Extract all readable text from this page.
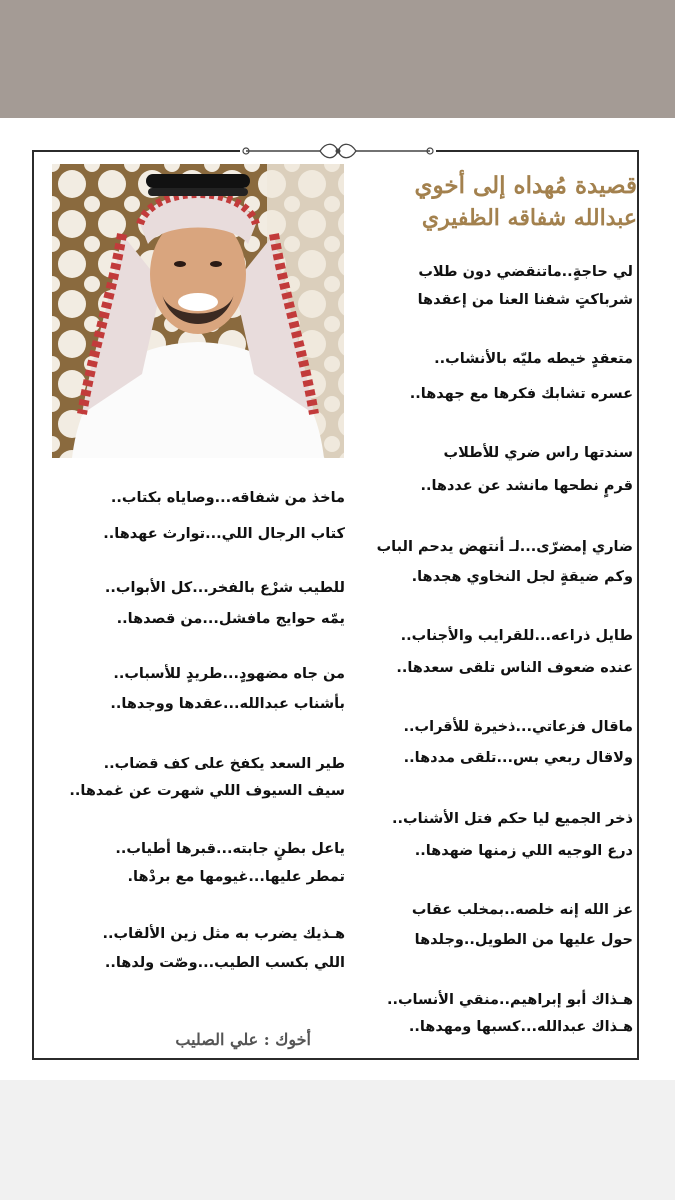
قصيدة مُهداه إلى أخوي
عبدالله شفاقه الظفيري
لي حاجةٍ..ماتنقضي دون طلاب
شرباكتٍ شفنا العنا من إعقدها
متعقدٍ خيطه مليّه بالأنشاب..
عسره تشابك فكرها مع جهدها..
سندتها راس ضري للأطلاب
قرمٍ نطحها مانشد عن عددها..
ضاري إمضرّى...لـ أنتهض يدحم الباب
وكم ضيقةٍ لجل النخاوي هجدها.
طايل ذراعه...للقرايب والأجناب..
عنده ضعوف الناس تلقى سعدها..
ماقال فزعاتي...ذخيرة للأقراب..
ولاقال ربعي بس...تلقى مددها..
ذخر الجميع ليا حكم فتل الأشناب..
درع الوجيه اللي زمنها ضهدها..
عز الله إنه خلصه..بمخلب عقاب
حول عليها من الطويل..وجلدها
هـذاك أبو إبراهيم..منقي الأنساب..
هـذاك عبدالله...كسبها ومهدها..
ماخذ من شفاقه...وصاياه بكتاب..
كتاب الرجال اللي...توارث عهدها..
للطيب شرْع بالفخر...كل الأبواب..
يمّه حوايج مافشل...من قصدها..
من جاه مضهودٍ...طريدٍ للأسباب..
بأشناب عبدالله...عقدها ووجدها..
طير السعد يكفخ على كف قضاب..
سيف السيوف اللي شهرت عن غمدها..
ياعل بطنٍ جابته...قبرها أطياب..
تمطر عليها...غيومها مع بردْها.
هـذيك يضرب به مثل زين الألقاب..
اللي بكسب الطيب...وصّت ولدها..
أخوك : علي الصليب
